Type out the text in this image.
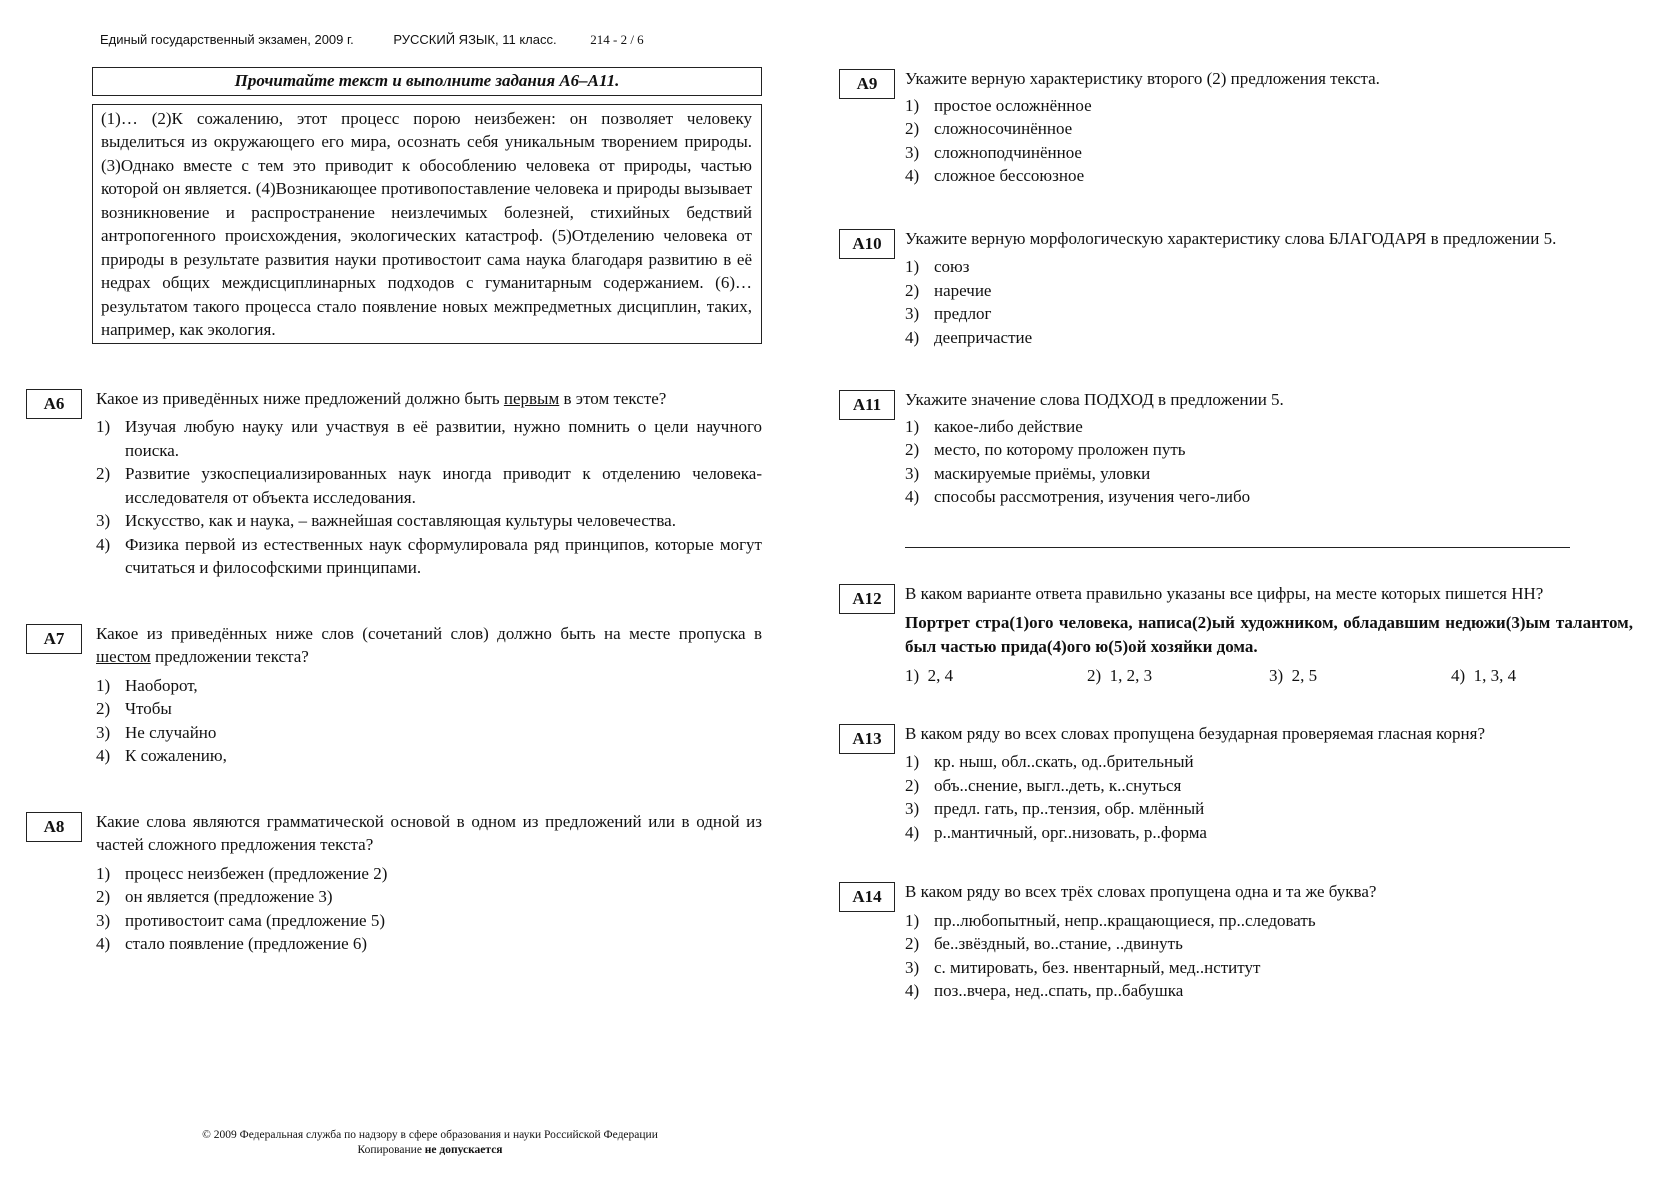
Единый государственный экзамен, 2009 г.	РУССКИЙ ЯЗЫК, 11 класс.	214 - 2 / 6
Прочитайте текст и выполните задания А6–А11.
(1)… (2)К сожалению, этот процесс порою неизбежен: он позволяет человеку выделиться из окружающего его мира, осознать себя уникальным творением природы. (3)Однако вместе с тем это приводит к обособлению человека от природы, частью которой он является. (4)Возникающее противопоставление человека и природы вызывает возникновение и распространение неизлечимых болезней, стихийных бедствий антропогенного происхождения, экологических катастроф. (5)Отделению человека от природы в результате развития науки противостоит сама наука благодаря развитию в её недрах общих междисциплинарных подходов с гуманитарным содержанием. (6)… результатом такого процесса стало появление новых межпредметных дисциплин, таких, например, как экология.
А6	Какое из приведённых ниже предложений должно быть первым в этом тексте?
1) Изучая любую науку или участвуя в её развитии, нужно помнить о цели научного поиска.
2) Развитие узкоспециализированных наук иногда приводит к отделению человека-исследователя от объекта исследования.
3) Искусство, как и наука, – важнейшая составляющая культуры человечества.
4) Физика первой из естественных наук сформулировала ряд принципов, которые могут считаться и философскими принципами.
А7	Какое из приведённых ниже слов (сочетаний слов) должно быть на месте пропуска в шестом предложении текста?
1) Наоборот,
2) Чтобы
3) Не случайно
4) К сожалению,
А8	Какие слова являются грамматической основой в одном из предложений или в одной из частей сложного предложения текста?
1) процесс неизбежен (предложение 2)
2) он является (предложение 3)
3) противостоит сама (предложение 5)
4) стало появление (предложение 6)
А9	Укажите верную характеристику второго (2) предложения текста.
1) простое осложнённое
2) сложносочинённое
3) сложноподчинённое
4) сложное бессоюзное
А10	Укажите верную морфологическую характеристику слова БЛАГОДАРЯ в предложении 5.
1) союз
2) наречие
3) предлог
4) деепричастие
А11	Укажите значение слова ПОДХОД в предложении 5.
1) какое-либо действие
2) место, по которому проложен путь
3) маскируемые приёмы, уловки
4) способы рассмотрения, изучения чего-либо
А12	В каком варианте ответа правильно указаны все цифры, на месте которых пишется НН?
Портрет стра(1)ого человека, написа(2)ый художником, обладавшим недюжи(3)ым талантом, был частью прида(4)ого ю(5)ой хозяйки дома.
1) 2, 4	2) 1, 2, 3	3) 2, 5	4) 1, 3, 4
А13	В каком ряду во всех словах пропущена безударная проверяемая гласная корня?
1) кр. ныш, обл..скать, од..брительный
2) объ..снение, выгл..деть, к..снуться
3) предл. гать, пр..тензия, обр. млённый
4) р..мантичный, орг..низовать, р..форма
А14	В каком ряду во всех трёх словах пропущена одна и та же буква?
1) пр..любопытный, непр..кращающиеся, пр..следовать
2) бе..звёздный, во..стание, ..двинуть
3) с. митировать, без. нвентарный, мед..нститут
4) поз..вчера, нед..спать, пр..бабушка
© 2009 Федеральная служба по надзору в сфере образования и науки Российской Федерации
Копирование не допускается
